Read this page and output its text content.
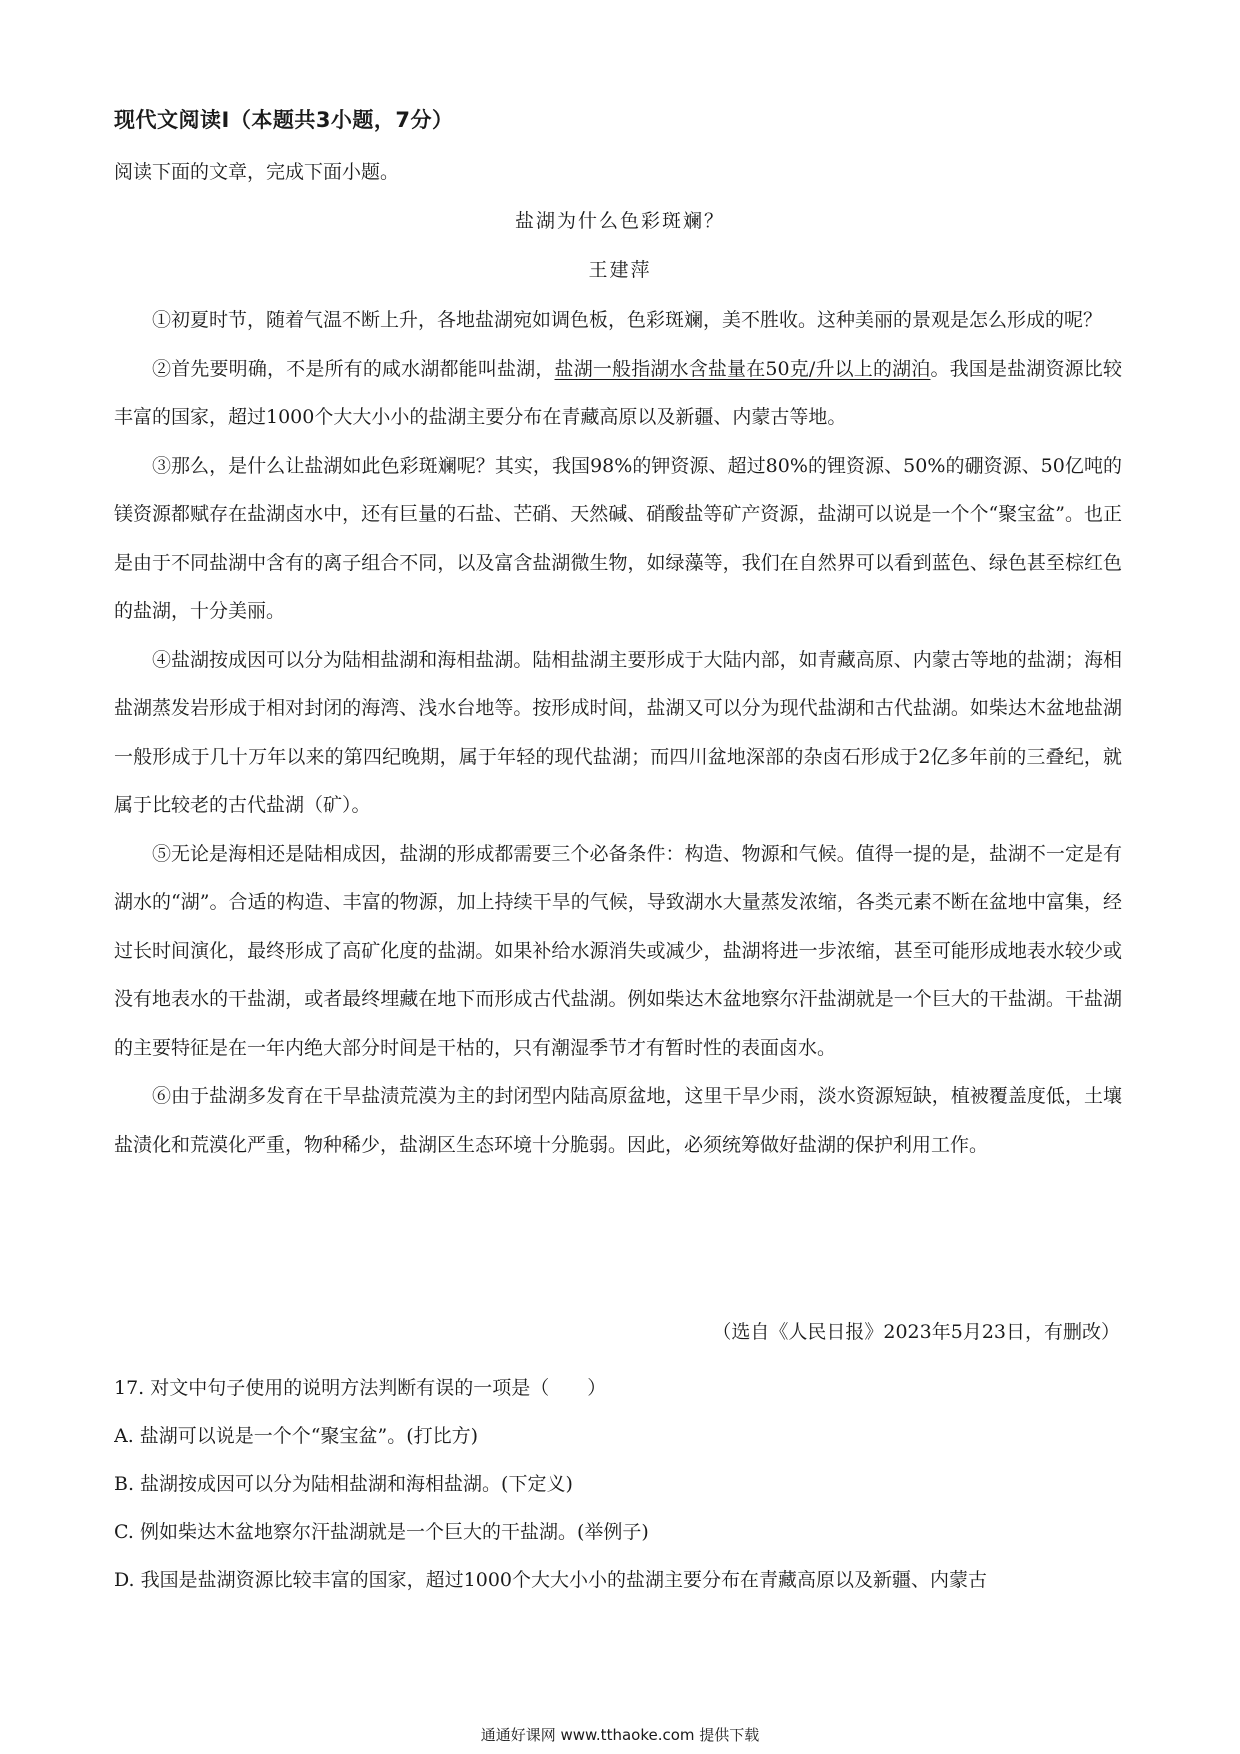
现代文阅读Ⅰ（本题共3小题，7分）
阅读下面的文章，完成下面小题。
盐湖为什么色彩斑斓？
王建萍

①初夏时节，随着气温不断上升，各地盐湖宛如调色板，色彩斑斓，美不胜收。这种美丽的景观是怎么形成的呢？

②首先要明确，不是所有的咸水湖都能叫盐湖，盐湖一般指湖水含盐量在50克/升以上的湖泊。我国是盐湖资源比较丰富的国家，超过1000个大大小小的盐湖主要分布在青藏高原以及新疆、内蒙古等地。

③那么，是什么让盐湖如此色彩斑斓呢？其实，我国98%的钾资源、超过80%的锂资源、50%的硼资源、50亿吨的镁资源都赋存在盐湖卤水中，还有巨量的石盐、芒硝、天然碱、硝酸盐等矿产资源，盐湖可以说是一个个“聚宝盆”。也正是由于不同盐湖中含有的离子组合不同，以及富含盐湖微生物，如绿藻等，我们在自然界可以看到蓝色、绿色甚至棕红色的盐湖，十分美丽。

④盐湖按成因可以分为陆相盐湖和海相盐湖。陆相盐湖主要形成于大陆内部，如青藏高原、内蒙古等地的盐湖；海相盐湖蒸发岩形成于相对封闭的海湾、浅水台地等。按形成时间，盐湖又可以分为现代盐湖和古代盐湖。如柴达木盆地盐湖一般形成于几十万年以来的第四纪晚期，属于年轻的现代盐湖；而四川盆地深部的杂卤石形成于2亿多年前的三叠纪，就属于比较老的古代盐湖（矿）。

⑤无论是海相还是陆相成因，盐湖的形成都需要三个必备条件：构造、物源和气候。值得一提的是，盐湖不一定是有湖水的“湖”。合适的构造、丰富的物源，加上持续干旱的气候，导致湖水大量蒸发浓缩，各类元素不断在盆地中富集，经过长时间演化，最终形成了高矿化度的盐湖。如果补给水源消失或减少，盐湖将进一步浓缩，甚至可能形成地表水较少或没有地表水的干盐湖，或者最终埋藏在地下而形成古代盐湖。例如柴达木盆地察尔汗盐湖就是一个巨大的干盐湖。干盐湖的主要特征是在一年内绝大部分时间是干枯的，只有潮湿季节才有暂时性的表面卤水。

⑥由于盐湖多发育在干旱盐渍荒漠为主的封闭型内陆高原盆地，这里干旱少雨，淡水资源短缺，植被覆盖度低，土壤盐渍化和荒漠化严重，物种稀少，盐湖区生态环境十分脆弱。因此，必须统筹做好盐湖的保护利用工作。

（选自《人民日报》2023年5月23日，有删改）

17. 对文中句子使用的说明方法判断有误的一项是（　　）

A. 盐湖可以说是一个个“聚宝盆”。(打比方)

B. 盐湖按成因可以分为陆相盐湖和海相盐湖。(下定义)

C. 例如柴达木盆地察尔汗盐湖就是一个巨大的干盐湖。(举例子)

D. 我国是盐湖资源比较丰富的国家，超过1000个大大小小的盐湖主要分布在青藏高原以及新疆、内蒙古

通通好课网 www.tthaoke.com 提供下载
